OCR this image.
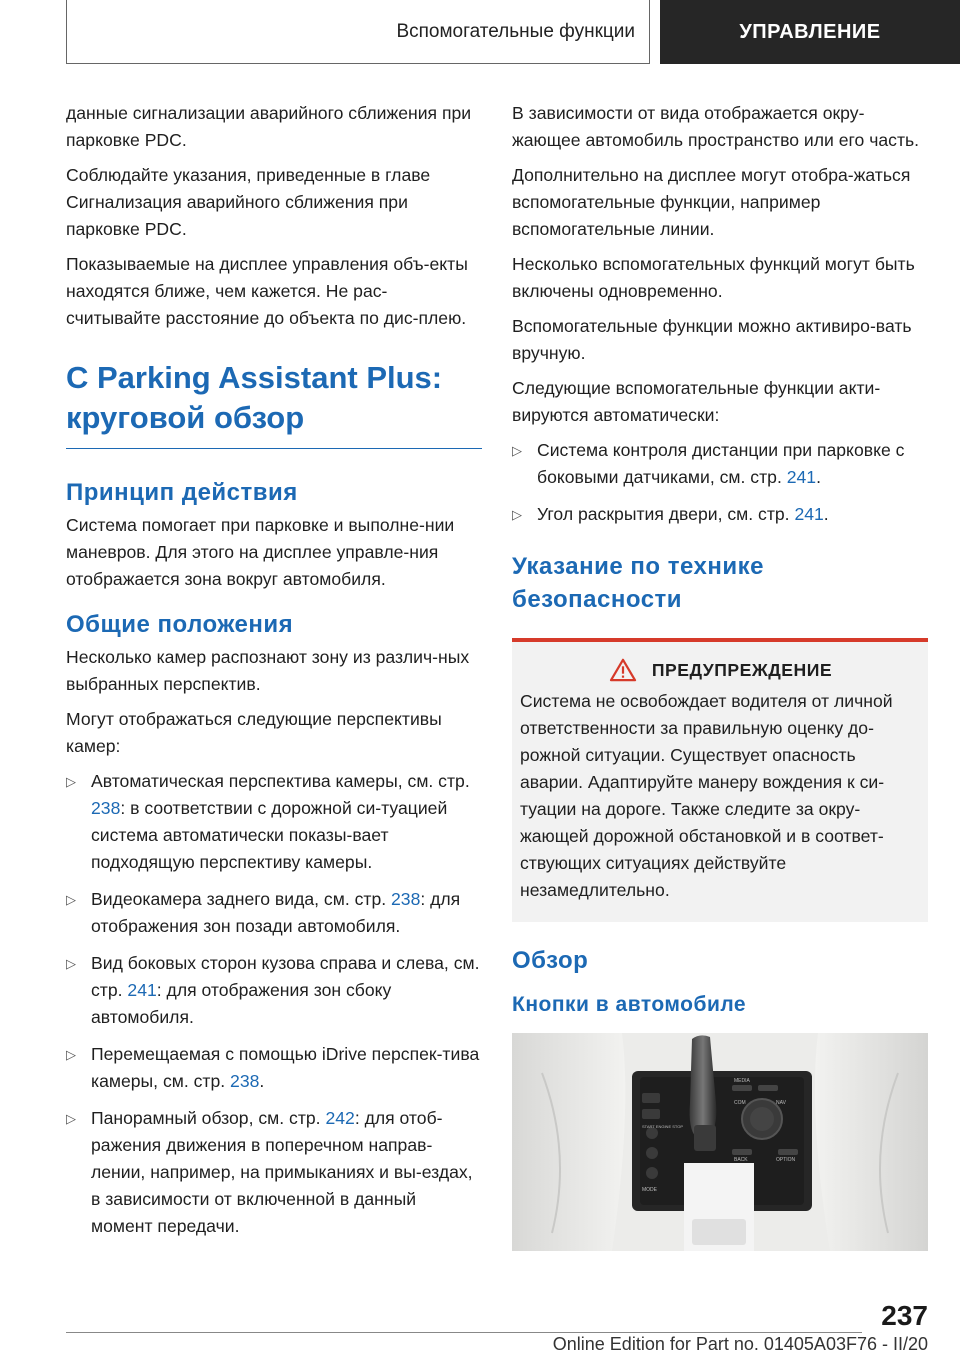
Вспомогательные функции	УПРАВЛЕНИЕ

данные сигнализации аварийного сближения при парковке PDC.

Соблюдайте указания, приведенные в главе Сигнализация аварийного сближения при парковке PDC.

Показываемые на дисплее управления объ‐екты находятся ближе, чем кажется. Не рас‐считывайте расстояние до объекта по дис‐плею.

С Parking Assistant Plus: круговой обзор
Принцип действия

Система помогает при парковке и выполне‐нии маневров. Для этого на дисплее управле‐ния отображается зона вокруг автомобиля.

Общие положения

Несколько камер распознают зону из различ‐ных выбранных перспектив.

Могут отображаться следующие перспективы камер:

▷ Автоматическая перспектива камеры, см. стр. 238: в соответствии с дорожной си‐туацией система автоматически показы‐вает подходящую перспективу камеры.
▷ Видеокамера заднего вида, см. стр. 238: для отображения зон позади автомобиля.
▷ Вид боковых сторон кузова справа и слева, см. стр. 241: для отображения зон сбоку автомобиля.
▷ Перемещаемая с помощью iDrive перспек‐тива камеры, см. стр. 238.
▷ Панорамный обзор, см. стр. 242: для отоб‐ражения движения в поперечном направ‐лении, например, на примыканиях и вы‐ездах, в зависимости от включенной в данный момент передачи.

В зависимости от вида отображается окру‐жающее автомобиль пространство или его часть.

Дополнительно на дисплее могут отобра‐жаться вспомогательные функции, например вспомогательные линии.

Несколько вспомогательных функций могут быть включены одновременно.

Вспомогательные функции можно активиро‐вать вручную.

Следующие вспомогательные функции акти‐вируются автоматически:

▷ Система контроля дистанции при парковке с боковыми датчиками, см. стр. 241.
▷ Угол раскрытия двери, см. стр. 241.
Указание по технике безопасности
ПРЕДУПРЕЖДЕНИЕ

Система не освобождает водителя от личной ответственности за правильную оценку до‐рожной ситуации. Существует опасность аварии. Адаптируйте манеру вождения к си‐туации на дороге. Также следите за окру‐жающей дорожной обстановкой и в соответ‐ствующих ситуациях действуйте незамедлительно.

Обзор
Кнопки в автомобиле
MEDIA
COM	NAV
BACK	OPTION
START ENGINE STOP
MODE
237
Online Edition for Part no. 01405A03F76 - II/20
